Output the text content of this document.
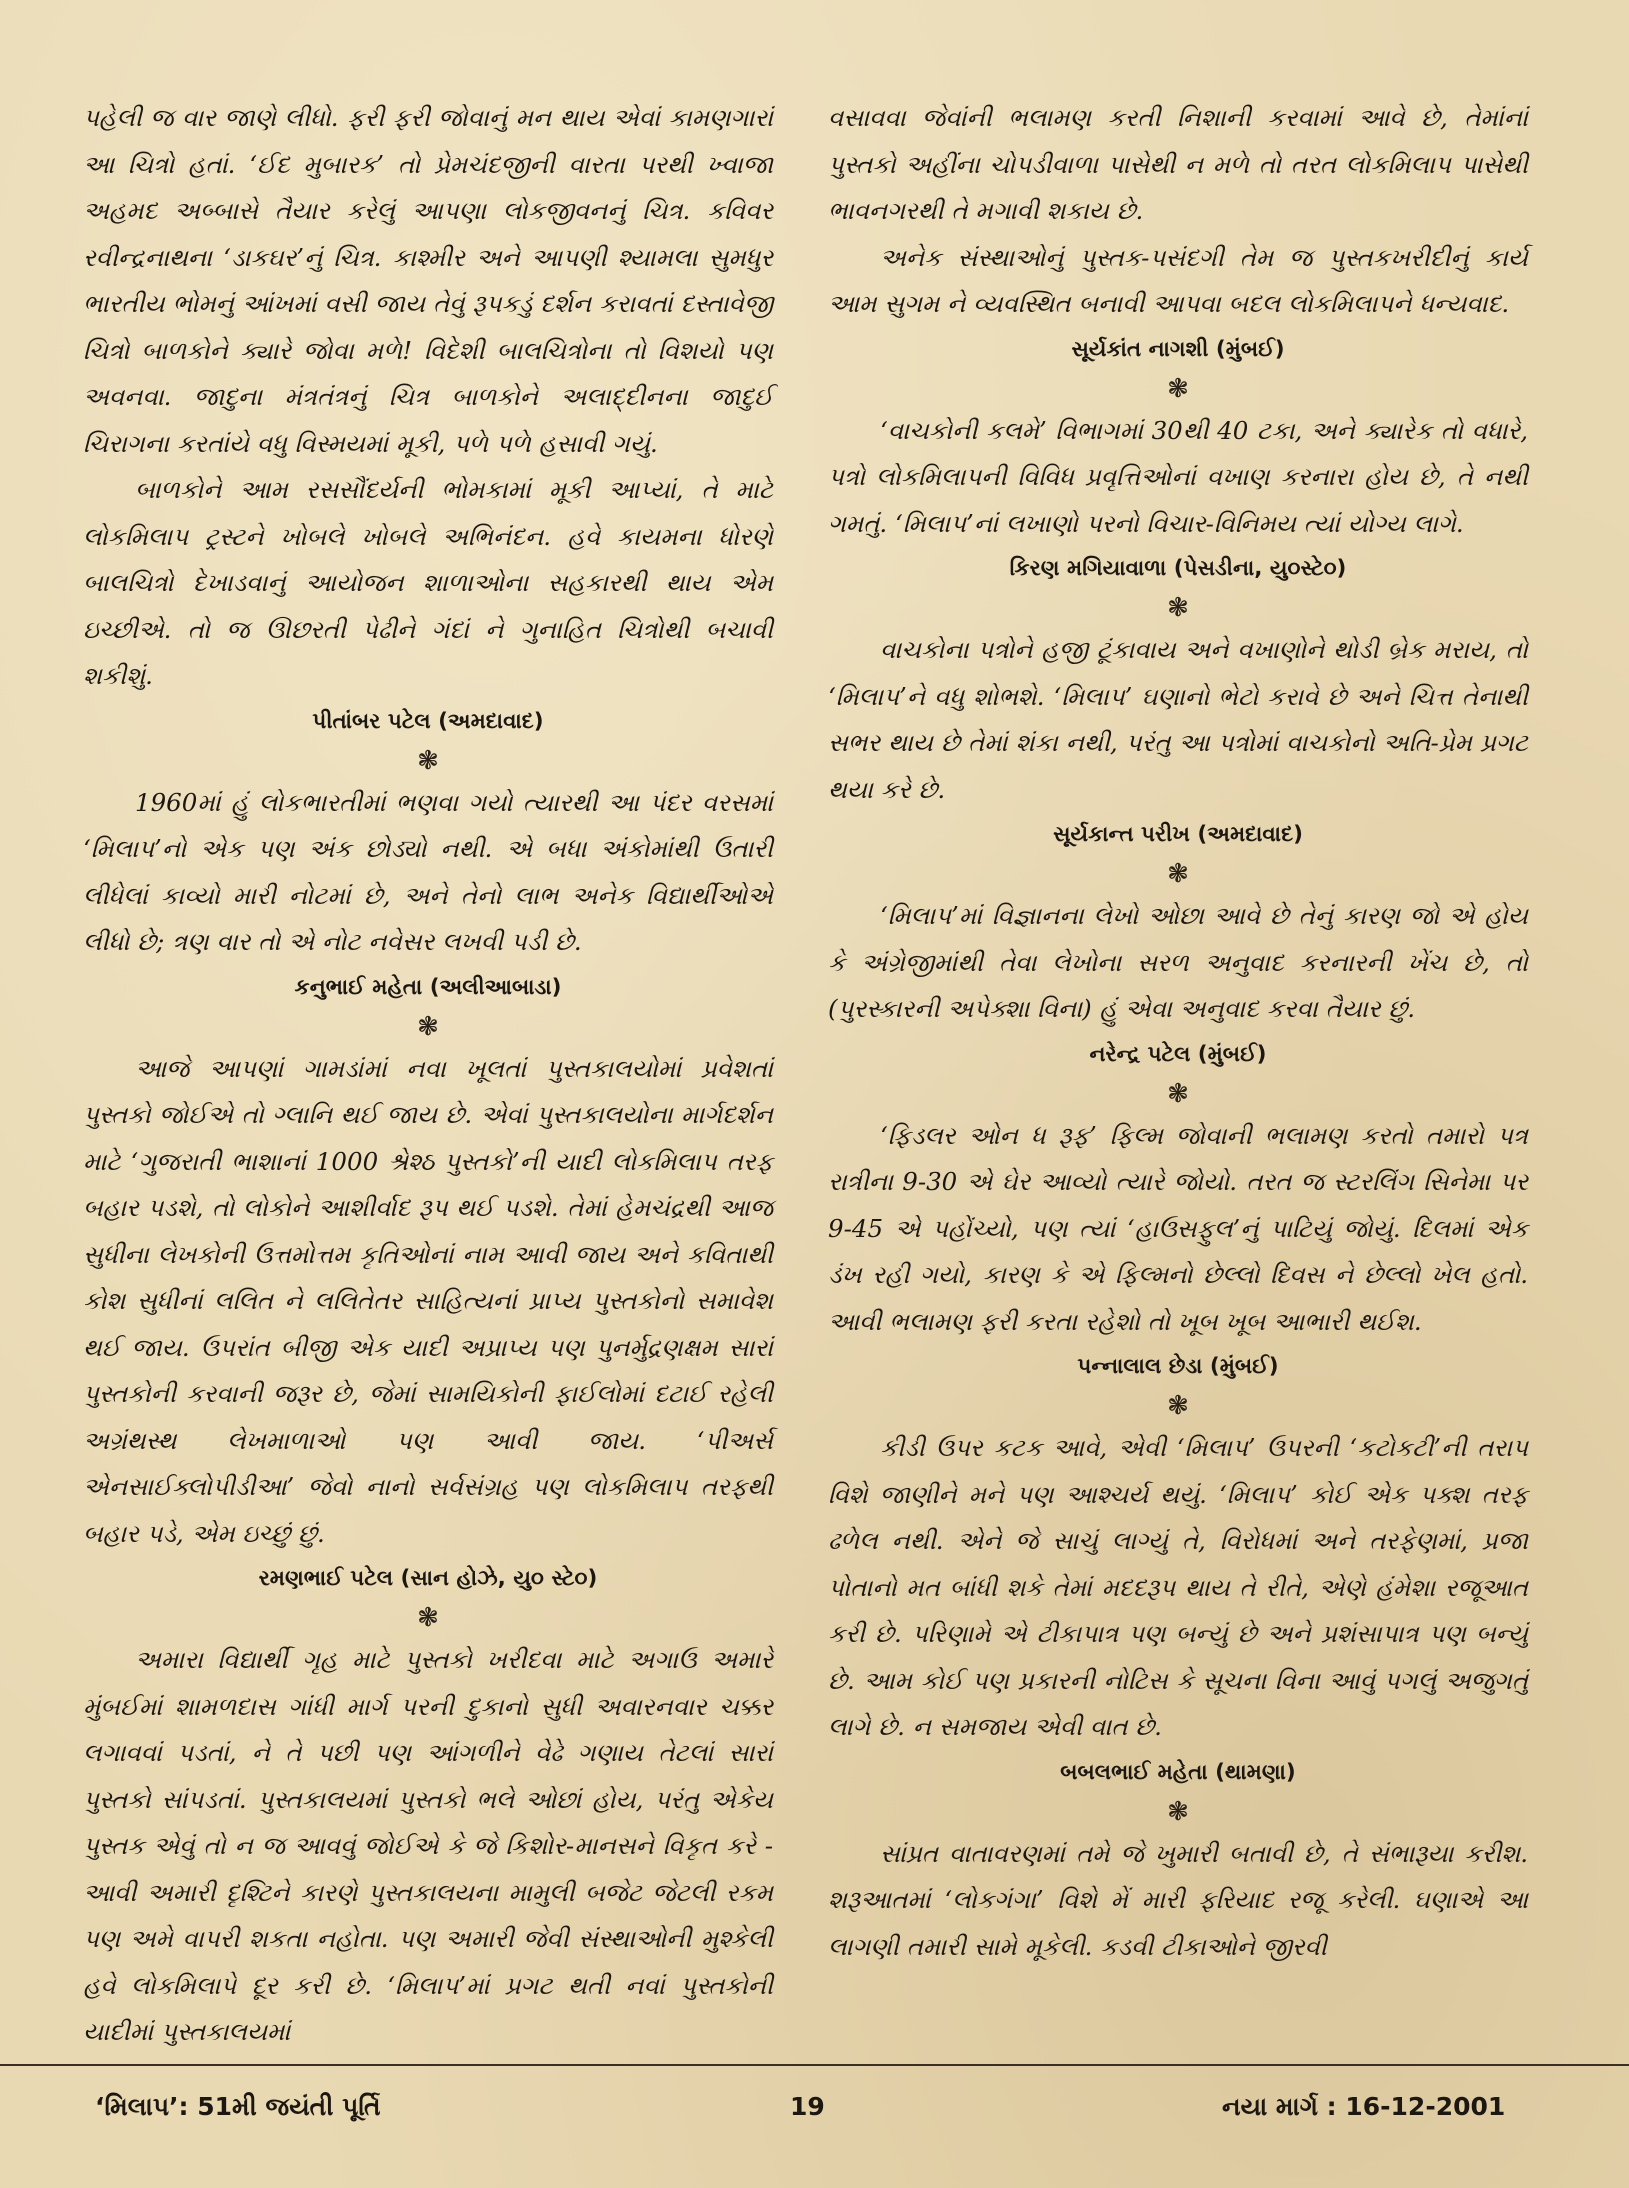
પહેલી જ વાર જાણે લીધો. ફરી ફરી જોવાનું મન થાય એવાં કામણગારાં આ ચિત્રો હતાં. ‘ઈદ મુબારક’ તો પ્રેમચંદજીની વારતા પરથી ખ્વાજા અહમદ અબ્બાસે તૈયાર કરેલું આપણા લોકજીવનનું ચિત્ર. કવિવર રવીન્દ્રનાથના ‘ડાકઘર’નું ચિત્ર. કાશ્મીર અને આપણી શ્યામલા સુમધુર ભારતીય ભોમનું આંખમાં વસી જાય તેવું રૂપકડું દર્શન કરાવતાં દસ્તાવેજી ચિત્રો બાળકોને ક્યારે જોવા મળે! વિદેશી બાલચિત્રોના તો વિશયો પણ અવનવા. જાદુના મંત્રતંત્રનું ચિત્ર બાળકોને અલાદ્દીનના જાદુઈ ચિરાગના કરતાંયે વધુ વિસ્મયમાં મૂકી, પળે પળે હસાવી ગયું.

બાળકોને આમ રસસૌંદર્યની ભોમકામાં મૂકી આપ્યાં, તે માટે લોકમિલાપ ટ્રસ્ટને ખોબલે ખોબલે અભિનંદન. હવે કાયમના ધોરણે બાલચિત્રો દેખાડવાનું આયોજન શાળાઓના સહકારથી થાય એમ ઇચ્છીએ. તો જ ઊછરતી પેઢીને ગંદાં ને ગુનાહિત ચિત્રોથી બચાવી શકીશું.

પીતાંબર પટેલ (અમદાવાદ)

❃

1960માં હું લોકભારતીમાં ભણવા ગયો ત્યારથી આ પંદર વરસમાં ‘મિલાપ’નો એક પણ અંક છોડ્યો નથી. એ બધા અંકોમાંથી ઉતારી લીધેલાં કાવ્યો મારી નોટમાં છે, અને તેનો લાભ અનેક વિદ્યાર્થીઓએ લીધો છે; ત્રણ વાર તો એ નોટ નવેસર લખવી પડી છે.

કનુભાઈ મહેતા (અલીઆબાડા)

❃

આજે આપણાં ગામડાંમાં નવા ખૂલતાં પુસ્તકાલયોમાં પ્રવેશતાં પુસ્તકો જોઈએ તો ગ્લાનિ થઈ જાય છે. એવાં પુસ્તકાલયોના માર્ગદર્શન માટે ‘ગુજરાતી ભાશાનાં 1000 શ્રેશ્ઠ પુસ્તકો’ની યાદી લોકમિલાપ તરફ બહાર પડશે, તો લોકોને આશીર્વાદ રૂપ થઈ પડશે. તેમાં હેમચંદ્રથી આજ સુધીના લેખકોની ઉત્તમોત્તમ કૃતિઓનાં નામ આવી જાય અને કવિતાથી કોશ સુધીનાં લલિત ને લલિતેતર સાહિત્યનાં પ્રાપ્ય પુસ્તકોનો સમાવેશ થઈ જાય. ઉપરાંત બીજી એક યાદી અપ્રાપ્ય પણ પુનર્મુદ્રણક્ષમ સારાં પુસ્તકોની કરવાની જરૂર છે, જેમાં સામયિકોની ફાઈલોમાં દટાઈ રહેલી અગ્રંથસ્થ લેખમાળાઓ પણ આવી જાય. ‘પીઅર્સ એનસાઈક્લોપીડીઆ’ જેવો નાનો સર્વસંગ્રહ પણ લોકમિલાપ તરફથી બહાર પડે, એમ ઇચ્છું છું.

રમણભાઈ પટેલ (સાન હોઝે, યુ૦ સ્ટે૦)

❃

અમારા વિદ્યાર્થી ગૃહ માટે પુસ્તકો ખરીદવા માટે અગાઉ અમારે મુંબઈમાં શામળદાસ ગાંધી માર્ગ પરની દુકાનો સુધી અવારનવાર ચક્કર લગાવવાં પડતાં, ને તે પછી પણ આંગળીને વેઢે ગણાય તેટલાં સારાં પુસ્તકો સાંપડતાં. પુસ્તકાલયમાં પુસ્તકો ભલે ઓછાં હોય, પરંતુ એકેય પુસ્તક એવું તો ન જ આવવું જોઈએ કે જે કિશોર-માનસને વિકૃત કરે - આવી અમારી દૃશ્ટિને કારણે પુસ્તકાલયના મામુલી બજેટ જેટલી રકમ પણ અમે વાપરી શકતા નહોતા. પણ અમારી જેવી સંસ્થાઓની મુશ્કેલી હવે લોકમિલાપે દૂર કરી છે. ‘મિલાપ’માં પ્રગટ થતી નવાં પુસ્તકોની યાદીમાં પુસ્તકાલયમાં

વસાવવા જેવાંની ભલામણ કરતી નિશાની કરવામાં આવે છે, તેમાંનાં પુસ્તકો અહીંના ચોપડીવાળા પાસેથી ન મળે તો તરત લોકમિલાપ પાસેથી ભાવનગરથી તે મગાવી શકાય છે.

અનેક સંસ્થાઓનું પુસ્તક-પસંદગી તેમ જ પુસ્તકખરીદીનું કાર્ય આમ સુગમ ને વ્યવસ્થિત બનાવી આપવા બદલ લોકમિલાપને ધન્યવાદ.

સૂર્યકાંત નાગશી (મુંબઈ)

❃

‘વાચકોની કલમે’ વિભાગમાં 30થી 40 ટકા, અને ક્યારેક તો વધારે, પત્રો લોકમિલાપની વિવિધ પ્રવૃત્તિઓનાં વખાણ કરનારા હોય છે, તે નથી ગમતું. ‘મિલાપ’નાં લખાણો પરનો વિચાર-વિનિમય ત્યાં યોગ્ય લાગે.

કિરણ મગિયાવાળા (પેસડીના, યુ૦સ્ટે૦)

❃

વાચકોના પત્રોને હજી ટૂંકાવાય અને વખાણોને થોડી બ્રેક મરાય, તો ‘મિલાપ’ને વધુ શોભશે. ‘મિલાપ’ ઘણાનો ભેટો કરાવે છે અને ચિત્ત તેનાથી સભર થાય છે તેમાં શંકા નથી, પરંતુ આ પત્રોમાં વાચકોનો અતિ-પ્રેમ પ્રગટ થયા કરે છે.

સૂર્યકાન્ત પરીખ (અમદાવાદ)

❃

‘મિલાપ’માં વિજ્ઞાનના લેખો ઓછા આવે છે તેનું કારણ જો એ હોય કે અંગ્રેજીમાંથી તેવા લેખોના સરળ અનુવાદ કરનારની ખેંચ છે, તો (પુરસ્કારની અપેક્શા વિના) હું એવા અનુવાદ કરવા તૈયાર છું.

નરેન્દ્ર પટેલ (મુંબઈ)

❃

‘ફિડલર ઓન ધ રૂફ’ ફિલ્મ જોવાની ભલામણ કરતો તમારો પત્ર રાત્રીના 9-30 એ ઘેર આવ્યો ત્યારે જોયો. તરત જ સ્ટરલિંગ સિનેમા પર 9-45 એ પહોંચ્યો, પણ ત્યાં ‘હાઉસફુલ’નું પાટિયું જોયું. દિલમાં એક ડંખ રહી ગયો, કારણ કે એ ફિલ્મનો છેલ્લો દિવસ ને છેલ્લો ખેલ હતો. આવી ભલામણ ફરી કરતા રહેશો તો ખૂબ ખૂબ આભારી થઈશ.

પન્નાલાલ છેડા (મુંબઈ)

❃

કીડી ઉપર કટક આવે, એવી ‘મિલાપ’ ઉપરની ‘કટોકટી’ની તરાપ વિશે જાણીને મને પણ આશ્ચર્ય થયું. ‘મિલાપ’ કોઈ એક પક્શ તરફ ઢળેલ નથી. એને જે સાચું લાગ્યું તે, વિરોધમાં અને તરફેણમાં, પ્રજા પોતાનો મત બાંધી શકે તેમાં મદદરૂપ થાય તે રીતે, એણે હંમેશા રજૂઆત કરી છે. પરિણામે એ ટીકાપાત્ર પણ બન્યું છે અને પ્રશંસાપાત્ર પણ બન્યું છે. આમ કોઈ પણ પ્રકારની નોટિસ કે સૂચના વિના આવું પગલું અજુગતું લાગે છે. ન સમજાય એવી વાત છે.

બબલભાઈ મહેતા (થામણા)

❃

સાંપ્રત વાતાવરણમાં તમે જે ખુમારી બતાવી છે, તે સંભારૂયા કરીશ. શરૂઆતમાં ‘લોકગંગા’ વિશે મેં મારી ફરિયાદ રજૂ કરેલી. ઘણાએ આ લાગણી તમારી સામે મૂકેલી. કડવી ટીકાઓને જીરવી

‘મિલાપ’: 51મી જયંતી પૂર્તિ	19	નયા માર્ગ : 16-12-2001
